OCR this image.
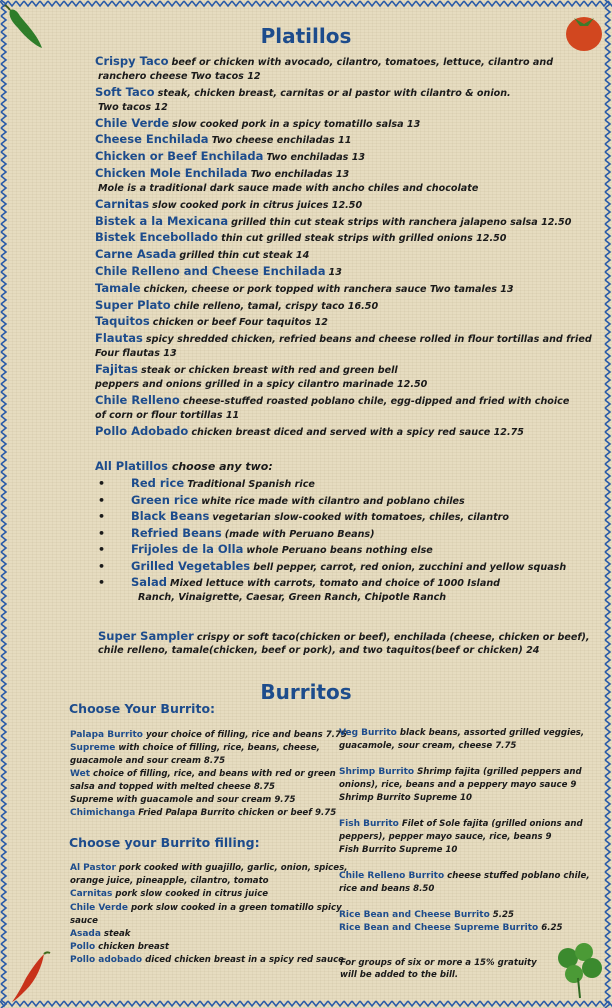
Platillos
Crispy Taco beef or chicken with avocado, cilantro, tomatoes, lettuce, cilantro and
ranchero cheese Two tacos 12
Soft Taco steak, chicken breast, carnitas or al pastor with cilantro & onion.
Two tacos 12
Chile Verde slow cooked pork in a spicy tomatillo salsa 13
Cheese Enchilada Two cheese enchiladas 11
Chicken or Beef Enchilada Two enchiladas 13
Chicken Mole Enchilada Two enchiladas 13
Mole is a traditional dark sauce made with ancho chiles and chocolate
Carnitas slow cooked pork in citrus juices 12.50
Bistek a la Mexicana grilled thin cut steak strips with ranchera jalapeno salsa 12.50
Bistek Encebollado thin cut grilled steak strips with grilled onions 12.50
Carne Asada grilled thin cut steak 14
Chile Relleno and Cheese Enchilada 13
Tamale chicken, cheese or pork topped with ranchera sauce Two tamales 13
Super Plato chile relleno, tamal, crispy taco 16.50
Taquitos chicken or beef Four taquitos 12
Flautas spicy shredded chicken, refried beans and cheese rolled in flour tortillas and fried
Four flautas 13
Fajitas steak or chicken breast with red and green bell
peppers and onions grilled in a spicy cilantro marinade 12.50
Chile Relleno cheese-stuffed roasted poblano chile, egg-dipped and fried with choice
of corn or flour tortillas 11
Pollo Adobado chicken breast diced and served with a spicy red sauce 12.75
All Platillos choose any two:
• Red rice Traditional Spanish rice
• Green rice white rice made with cilantro and poblano chiles
• Black Beans vegetarian slow-cooked with tomatoes, chiles, cilantro
• Refried Beans (made with Peruano Beans)
• Frijoles de la Olla whole Peruano beans nothing else
• Grilled Vegetables bell pepper, carrot, red onion, zucchini and yellow squash
• Salad Mixed lettuce with carrots, tomato and choice of 1000 Island
Ranch, Vinaigrette, Caesar, Green Ranch, Chipotle Ranch
Super Sampler crispy or soft taco(chicken or beef), enchilada (cheese, chicken or beef),
chile relleno, tamale(chicken, beef or pork), and two taquitos(beef or chicken) 24
Burritos
Choose Your Burrito:
Palapa Burrito your choice of filling, rice and beans 7.75
Supreme with choice of filling, rice, beans, cheese,
guacamole and sour cream 8.75
Wet choice of filling, rice, and beans with red or green
salsa and topped with melted cheese 8.75
Supreme with guacamole and sour cream 9.75
Chimichanga Fried Palapa Burrito chicken or beef 9.75
Choose your Burrito filling:
Al Pastor pork cooked with guajillo, garlic, onion, spices,
orange juice, pineapple, cilantro, tomato
Carnitas pork slow cooked in citrus juice
Chile Verde pork slow cooked in a green tomatillo spicy
sauce
Asada steak
Pollo chicken breast
Pollo adobado diced chicken breast in a spicy red sauce
Veg Burrito black beans, assorted grilled veggies,
guacamole, sour cream, cheese 7.75
Shrimp Burrito Shrimp fajita (grilled peppers and
onions), rice, beans and a peppery mayo sauce 9
Shrimp Burrito Supreme 10
Fish Burrito Filet of Sole fajita (grilled onions and
peppers), pepper mayo sauce, rice, beans 9
Fish Burrito Supreme 10
Chile Relleno Burrito cheese stuffed poblano chile,
rice and beans 8.50
Rice Bean and Cheese Burrito 5.25
Rice Bean and Cheese Supreme Burrito 6.25
For groups of six or more a 15% gratuity
will be added to the bill.
